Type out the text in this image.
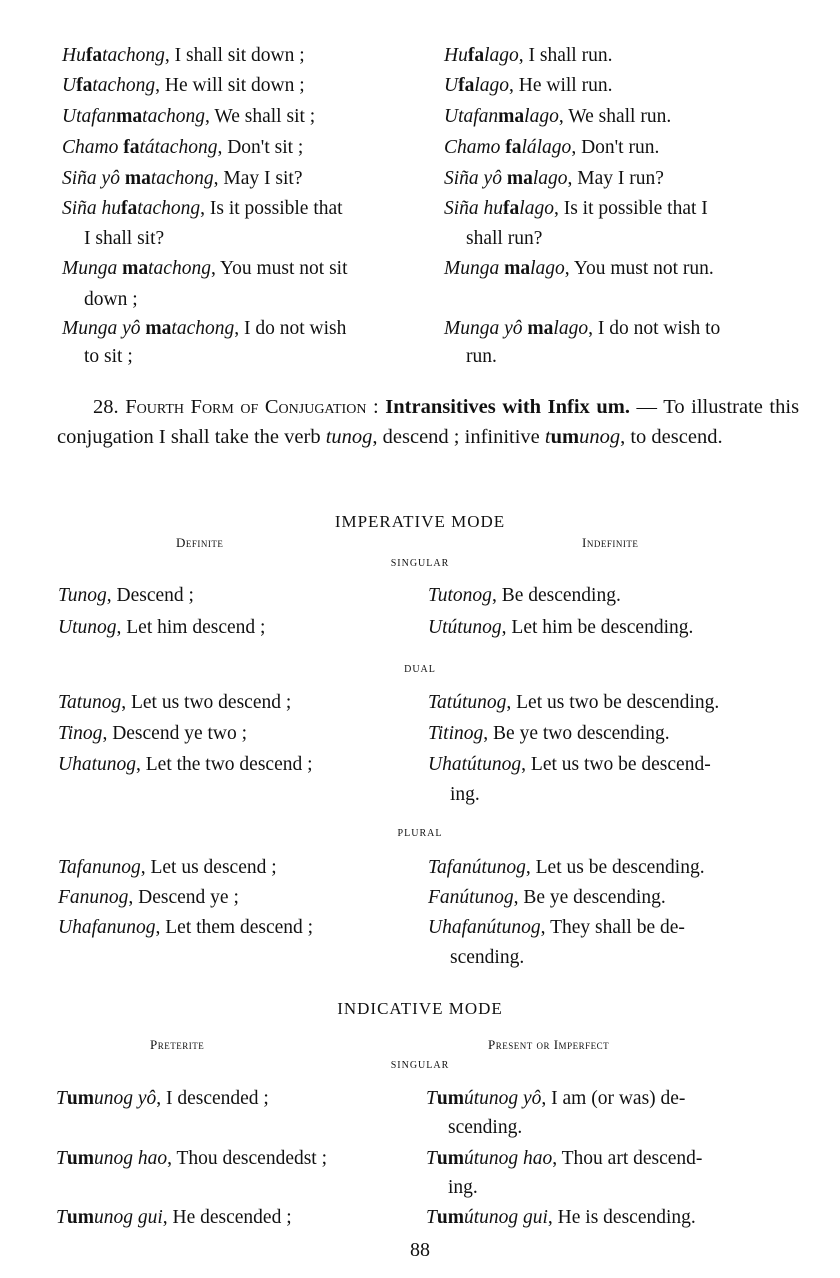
Hufatachong, I shall sit down ;
Ufatachong, He will sit down ;
Utafanmatachong, We shall sit ;
Chamo fatátachong, Don't sit ;
Siña yô matachong, May I sit?
Siña hufatachong, Is it possible that
I shall sit?
Munga matachong, You must not sit
down ;
Munga yô matachong, I do not wish
to sit ;
Hufalago, I shall run.
Ufalago, He will run.
Utafanmalago, We shall run.
Chamo falálago, Don't run.
Siña yô malago, May I run?
Siña hufalago, Is it possible that I
shall run?
Munga malago, You must not run.
Munga yô malago, I do not wish to
run.
28. Fourth Form of Conjugation : Intransitives with Infix um. — To illustrate this conjugation I shall take the verb tunog, descend ; infinitive tumunog, to descend.
IMPERATIVE MODE
Definite	Indefinite
SINGULAR
DUAL
PLURAL
Tunog, Descend ;
Utunog, Let him descend ;
Tutonog, Be descending.
Utútunog, Let him be descending.
Tatunog, Let us two descend ;
Tinog, Descend ye two ;
Uhatunog, Let the two descend ;
Tatútunog, Let us two be descending.
Titinog, Be ye two descending.
Uhatútunog, Let us two be descend-
ing.
Tafanunog, Let us descend ;
Fanunog, Descend ye ;
Uhafanunog, Let them descend ;
Tafanútunog, Let us be descending.
Fanútunog, Be ye descending.
Uhafanútunog, They shall be de-
scending.
INDICATIVE MODE
Preterite	Present or Imperfect
SINGULAR
Tumunog yô, I descended ;
Tumunog hao, Thou descendedst ;
Tumunog gui, He descended ;
Tumútunog yô, I am (or was) de-
scending.
Tumútunog hao, Thou art descend-
ing.
Tumútunog gui, He is descending.
88
